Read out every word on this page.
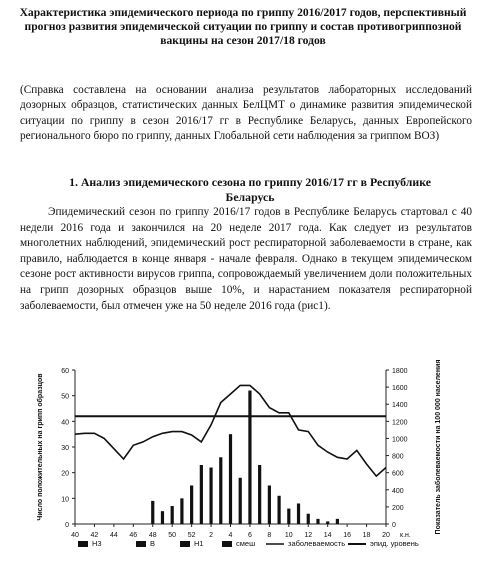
Характеристика эпидемического периода по гриппу 2016/2017 годов, перспективный прогноз развития эпидемической ситуации по гриппу и состав противогриппозной вакцины на сезон 2017/18 годов

(Справка составлена на основании анализа результатов лабораторных исследований дозорных образцов, статистических данных БелЦМТ о динамике развития эпидемической ситуации по гриппу в сезон 2016/17 гг в Республике Беларусь, данных Европейского регионального бюро по гриппу, данных Глобальной сети наблюдения за гриппом ВОЗ)

1. Анализ эпидемического сезона по гриппу 2016/17 гг в Республике Беларусь

Эпидемический сезон по гриппу 2016/17 годов в Республике Беларусь стартовал с 40 недели 2016 года и закончился на 20 неделе 2017 года. Как следует из результатов многолетних наблюдений, эпидемический рост респираторной заболеваемости в стране, как правило, наблюдается в конце января - начале февраля. Однако в текущем эпидемическом сезоне рост активности вирусов гриппа, сопровождаемый увеличением доли положительных на грипп дозорных образцов выше 10%, и нарастанием показателя респираторной заболеваемости, был отмечен уже на 50 неделе 2016 года (рис1).

0
10
20
30
40
50
60
0
200
400
600
800
1000
1200
1400
1600
1800
40 42 44 46 48 50 52 2 4 6 8 10 12 14 16 18 20 к.н.
Число положительных на грипп образцов	Показатель заболеваемости на 100 000 населения
Н3	В	Н1	смеш	заболеваемость	эпид. уровень
